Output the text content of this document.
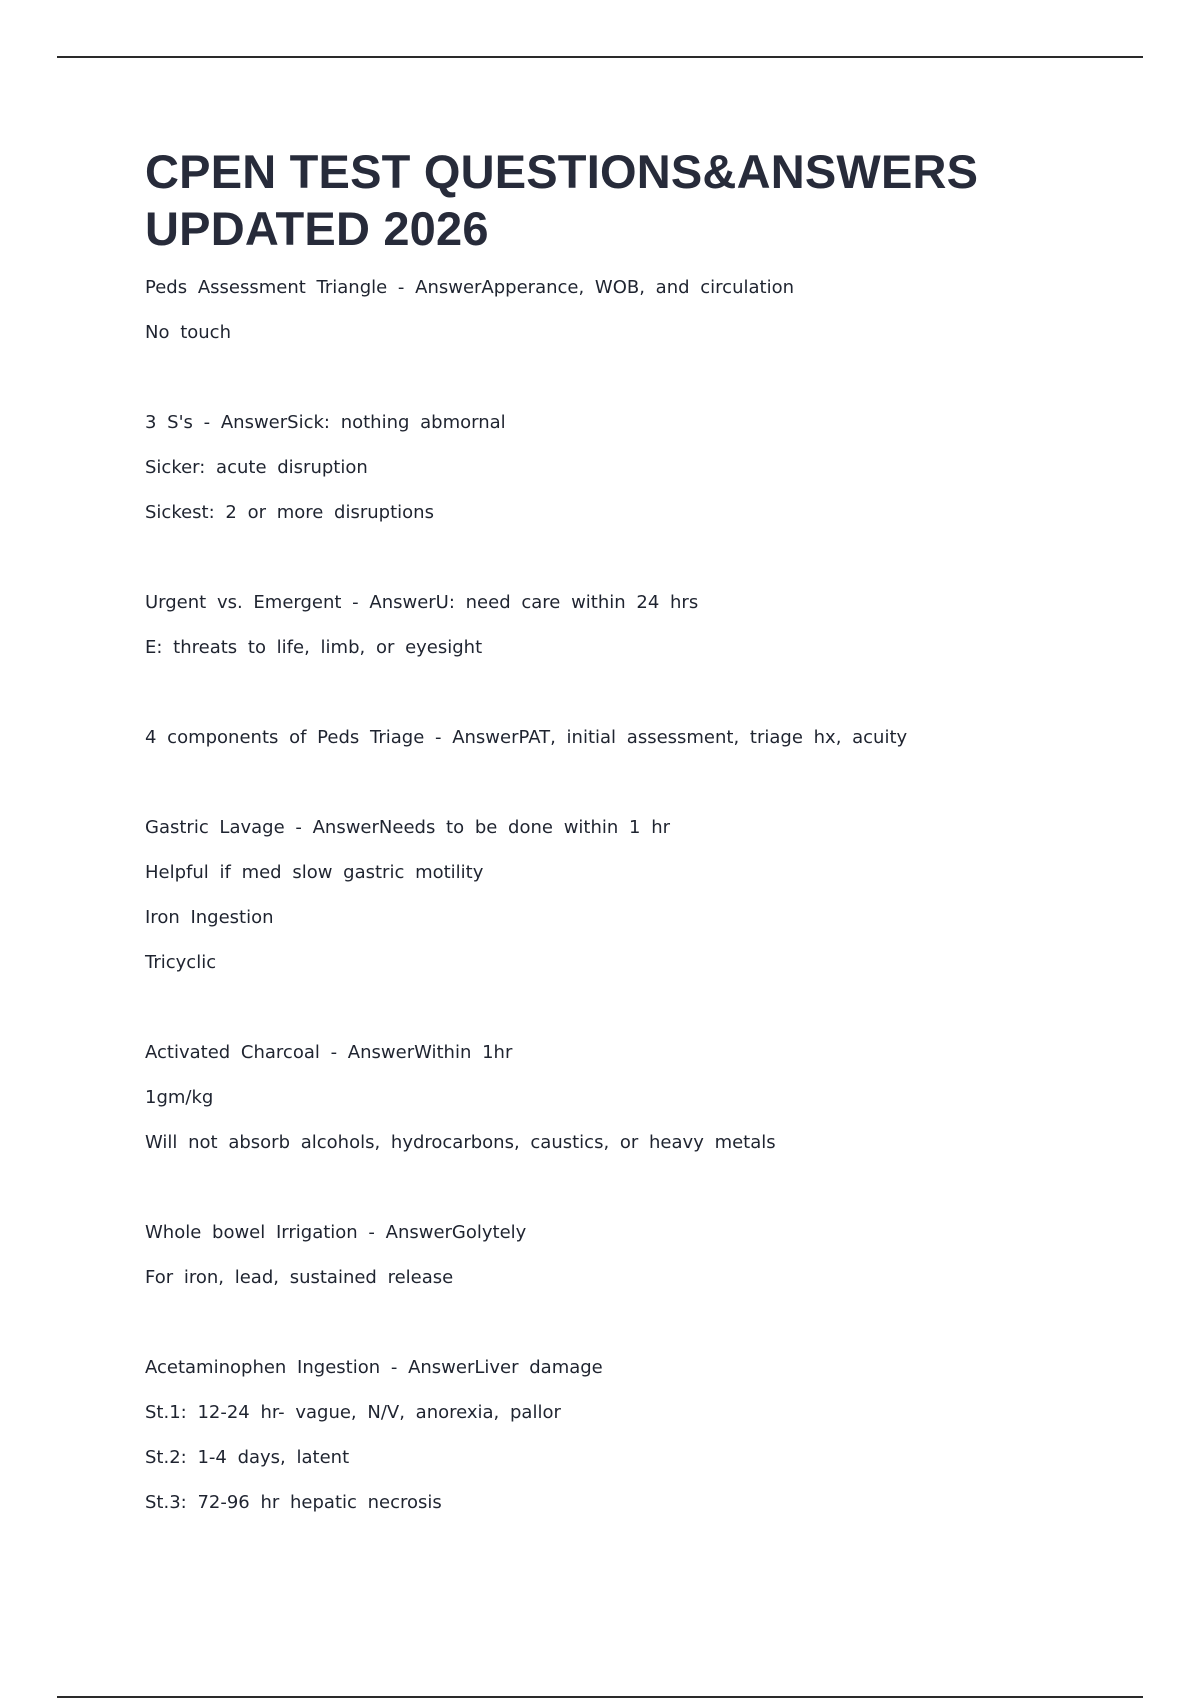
CPEN TEST QUESTIONS&ANSWERS
UPDATED 2026
Peds Assessment Triangle - AnswerApperance, WOB, and circulation
No touch
3 S's - AnswerSick: nothing abmornal
Sicker: acute disruption
Sickest: 2 or more disruptions
Urgent vs. Emergent - AnswerU: need care within 24 hrs
E: threats to life, limb, or eyesight
4 components of Peds Triage - AnswerPAT, initial assessment, triage hx, acuity
Gastric Lavage - AnswerNeeds to be done within 1 hr
Helpful if med slow gastric motility
Iron Ingestion
Tricyclic
Activated Charcoal - AnswerWithin 1hr
1gm/kg
Will not absorb alcohols, hydrocarbons, caustics, or heavy metals
Whole bowel Irrigation - AnswerGolytely
For iron, lead, sustained release
Acetaminophen Ingestion - AnswerLiver damage
St.1: 12-24 hr- vague, N/V, anorexia, pallor
St.2: 1-4 days, latent
St.3: 72-96 hr hepatic necrosis
